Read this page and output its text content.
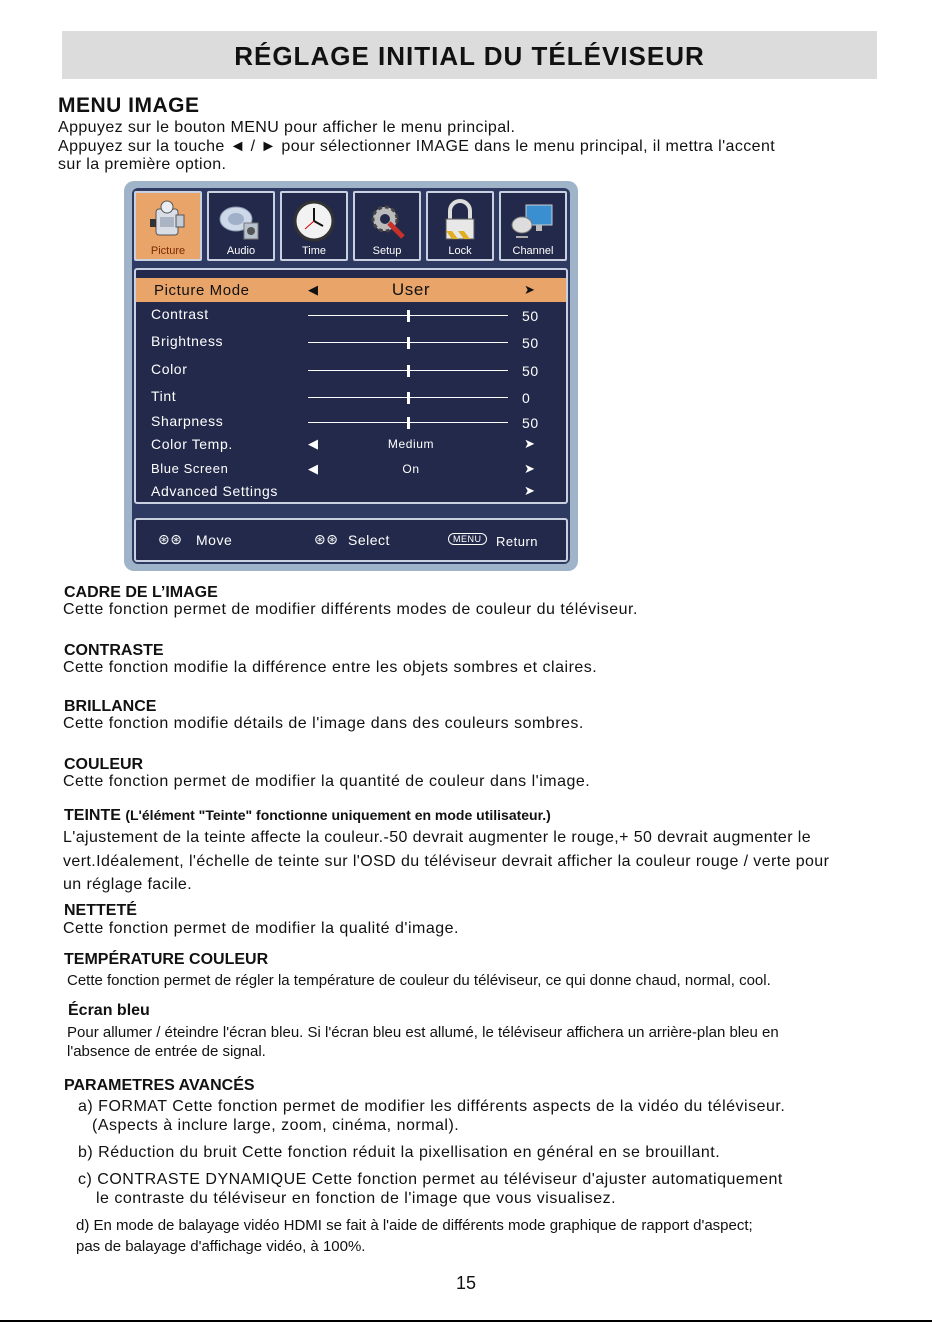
RÉGLAGE INITIAL DU TÉLÉVISEUR
MENU IMAGE
Appuyez sur le bouton MENU pour afficher le menu principal.
Appuyez sur la touche ◄ / ► pour sélectionner IMAGE dans le menu principal, il mettra l'accent
sur la première option.
Picture	Audio	Time	Setup	Lock	Channel
Picture Mode	◀	User	➤
Contrast	50
Brightness	50
Color	50
Tint	0
Sharpness	50
Color Temp.	◀	Medium	➤
Blue Screen	◀	On	➤
Advanced Settings	➤
⊛⊛ Move	⊛⊛ Select	MENU	Return
CADRE DE L’IMAGE
Cette fonction permet de modifier différents modes de couleur du téléviseur.
CONTRASTE
Cette fonction modifie la différence entre les objets sombres et claires.
BRILLANCE
Cette fonction modifie détails de l'image dans des couleurs sombres.
COULEUR
Cette fonction permet de modifier la quantité de couleur dans l'image.
TEINTE (L'élément "Teinte" fonctionne uniquement en mode utilisateur.)
L'ajustement de la teinte affecte la couleur.-50 devrait augmenter le rouge,+ 50 devrait augmenter le
vert.Idéalement, l'échelle de teinte sur l'OSD du téléviseur devrait afficher la couleur rouge / verte pour
un réglage facile.
NETTETÉ
Cette fonction permet de modifier la qualité d'image.
TEMPÉRATURE COULEUR
Cette fonction permet de régler la température de couleur du téléviseur, ce qui donne chaud, normal, cool.
Écran bleu
Pour allumer / éteindre l'écran bleu. Si l'écran bleu est allumé, le téléviseur affichera un arrière-plan bleu en
l'absence de entrée de signal.
PARAMETRES AVANCÉS
a) FORMAT Cette fonction permet de modifier les différents aspects de la vidéo du téléviseur.
(Aspects à inclure large, zoom, cinéma, normal).
b) Réduction du bruit Cette fonction réduit la pixellisation en général en se brouillant.
c) CONTRASTE DYNAMIQUE Cette fonction permet au téléviseur d'ajuster automatiquement
le contraste du téléviseur en fonction de l'image que vous visualisez.
d) En mode de balayage vidéo HDMI se fait à l'aide de différents mode graphique de rapport d'aspect;
pas de balayage d'affichage vidéo, à 100%.
15
